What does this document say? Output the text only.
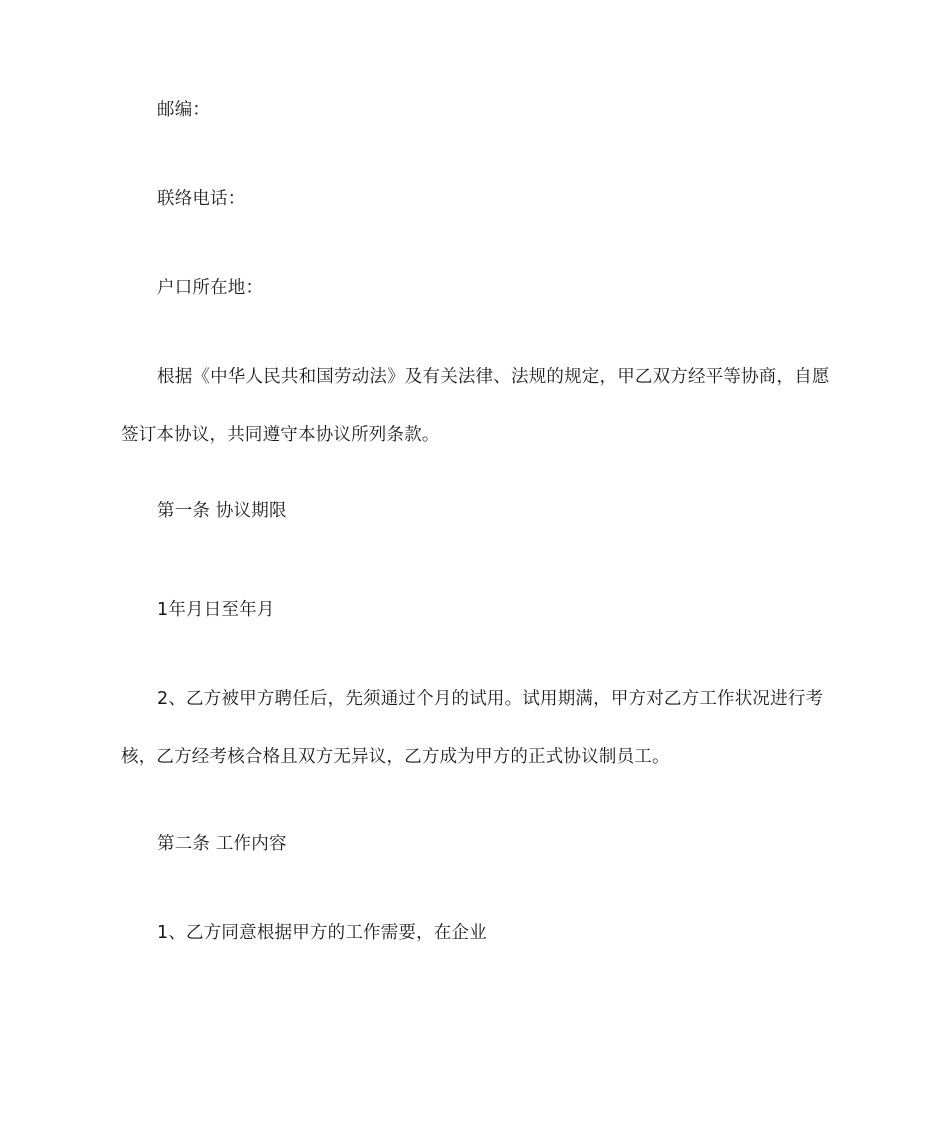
邮编：

联络电话：

户口所在地：

根据《中华人民共和国劳动法》及有关法律、法规的规定，甲乙双方经平等协商，自愿签订本协议，共同遵守本协议所列条款。

第一条 协议期限

1年月日至年月

2、乙方被甲方聘任后，先须通过个月的试用。试用期满，甲方对乙方工作状况进行考核，乙方经考核合格且双方无异议，乙方成为甲方的正式协议制员工。

第二条 工作内容

1、乙方同意根据甲方的工作需要，在企业
